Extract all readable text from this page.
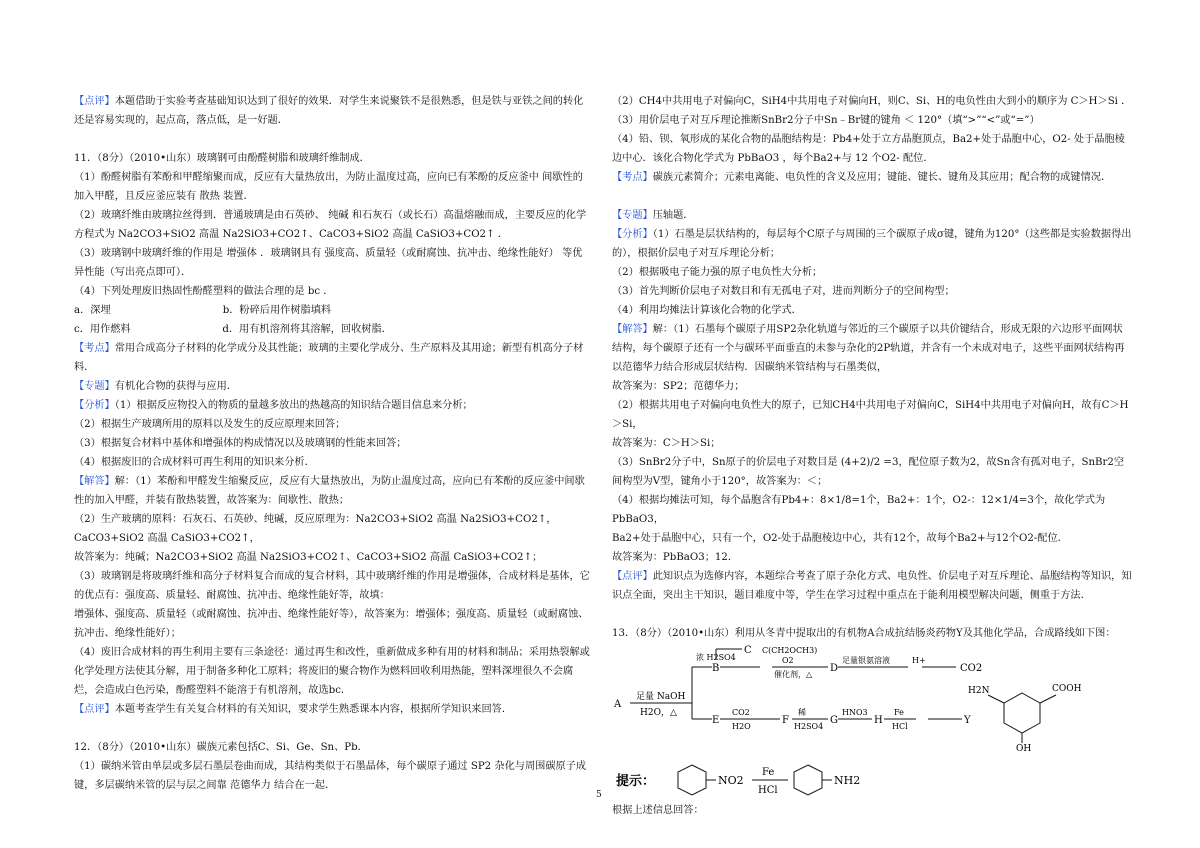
【点评】本题借助于实验考查基础知识达到了很好的效果．对学生来说聚铁不是很熟悉，但是铁与亚铁之间的转化还是容易实现的，起点高，落点低，是一好题．

11．（8分）（2010•山东）玻璃钢可由酚醛树脂和玻璃纤维制成．

（1）酚醛树脂有苯酚和甲醛缩聚而成，反应有大量热放出，为防止温度过高，应向已有苯酚的反应釜中 间歇性的 加入甲醛，且反应釜应装有 散热 装置．

（2）玻璃纤维由玻璃拉丝得到．普通玻璃是由石英砂、 纯碱 和石灰石（或长石）高温熔融而成，主要反应的化学方程式为 Na2CO3+SiO2 高温 Na2SiO3+CO2↑、CaCO3+SiO2 高温 CaSiO3+CO2↑ ．

（3）玻璃钢中玻璃纤维的作用是 增强体 ．玻璃钢具有 强度高、质量轻（或耐腐蚀、抗冲击、绝缘性能好） 等优异性能（写出亮点即可）．

（4）下列处理废旧热固性酚醛塑料的做法合理的是 bc ．

a．深埋　　　　　　　　　　　b．粉碎后用作树脂填料

c．用作燃料　　　　　　　　　d．用有机溶剂将其溶解，回收树脂．

【考点】常用合成高分子材料的化学成分及其性能；玻璃的主要化学成分、生产原料及其用途；新型有机高分子材料．

【专题】有机化合物的获得与应用．

【分析】（1）根据反应物投入的物质的量越多放出的热越高的知识结合题目信息来分析；

（2）根据生产玻璃所用的原料以及发生的反应原理来回答；

（3）根据复合材料中基体和增强体的构成情况以及玻璃钢的性能来回答；

（4）根据废旧的合成材料可再生利用的知识来分析．

【解答】解：（1）苯酚和甲醛发生缩聚反应，反应有大量热放出，为防止温度过高，应向已有苯酚的反应釜中间歇性的加入甲醛，并装有散热装置，故答案为：间歇性、散热；

（2）生产玻璃的原料：石灰石、石英砂、纯碱，反应原理为：Na2CO3+SiO2 高温 Na2SiO3+CO2↑，

CaCO3+SiO2 高温 CaSiO3+CO2↑，

故答案为：纯碱；Na2CO3+SiO2 高温 Na2SiO3+CO2↑、CaCO3+SiO2 高温 CaSiO3+CO2↑；

（3）玻璃钢是将玻璃纤维和高分子材料复合而成的复合材料，其中玻璃纤维的作用是增强体，合成材料是基体，它的优点有：强度高、质量轻、耐腐蚀、抗冲击、绝缘性能好等，故填：

增强体、强度高、质量轻（或耐腐蚀、抗冲击、绝缘性能好等），故答案为：增强体；强度高、质量轻（或耐腐蚀、抗冲击、绝缘性能好）；

（4）废旧合成材料的再生利用主要有三条途径：通过再生和改性，重新做成多种有用的材料和制品；采用热裂解或化学处理方法使其分解，用于制备多种化工原料；将废旧的聚合物作为燃料回收利用热能，塑料深埋很久不会腐烂，会造成白色污染，酚醛塑料不能溶于有机溶剂，故选bc．

【点评】本题考查学生有关复合材料的有关知识，要求学生熟悉课本内容，根据所学知识来回答．

12．（8分）（2010•山东）碳族元素包括C、Si、Ge、Sn、Pb．

（1）碳纳米管由单层或多层石墨层卷曲而成，其结构类似于石墨晶体，每个碳原子通过 SP2 杂化与周围碳原子成键，多层碳纳米管的层与层之间靠 范德华力 结合在一起．

（2）CH4中共用电子对偏向C，SiH4中共用电子对偏向H，则C、Si、H的电负性由大到小的顺序为 C＞H＞Si ．

（3）用价层电子对互斥理论推断SnBr2分子中Sn﹣Br键的键角 ＜ 120°（填“>”“<”或“=”）

（4）铅、钡、氧形成的某化合物的晶胞结构是：Pb4+处于立方晶胞顶点，Ba2+处于晶胞中心，O2- 处于晶胞棱边中心．该化合物化学式为 PbBaO3 ，每个Ba2+与 12 个O2- 配位．

【考点】碳族元素简介；元素电离能、电负性的含义及应用；键能、键长、键角及其应用；配合物的成键情况．

【专题】压轴题．

【分析】（1）石墨是层状结构的，每层每个C原子与周围的三个碳原子成σ键，键角为120°（这些都是实验数据得出的），根据价层电子对互斥理论分析；

（2）根据吸电子能力强的原子电负性大分析；

（3）首先判断价层电子对数目和有无孤电子对，进而判断分子的空间构型；

（4）利用均摊法计算该化合物的化学式．

【解答】解：（1）石墨每个碳原子用SP2杂化轨道与邻近的三个碳原子以共价键结合，形成无限的六边形平面网状结构，每个碳原子还有一个与碳环平面垂直的未参与杂化的2P轨道，并含有一个未成对电子，这些平面网状结构再以范德华力结合形成层状结构．因碳纳米管结构与石墨类似，

故答案为：SP2；范德华力；

（2）根据共用电子对偏向电负性大的原子，已知CH4中共用电子对偏向C，SiH4中共用电子对偏向H，故有C＞H＞Si，

故答案为：C＞H＞Si；

（3）SnBr2分子中，Sn原子的价层电子对数目是 (4+2)/2 =3，配位原子数为2，故Sn含有孤对电子，SnBr2空间构型为V型，键角小于120°，故答案为：＜；

（4）根据均摊法可知，每个晶胞含有Pb4+：8×1/8=1个，Ba2+：1个，O2-：12×1/4=3个，故化学式为PbBaO3，

Ba2+处于晶胞中心，只有一个，O2-处于晶胞棱边中心，共有12个，故每个Ba2+与12个O2-配位．

故答案为：PbBaO3；12．

【点评】此知识点为选修内容，本题综合考查了原子杂化方式、电负性、价层电子对互斥理论、晶胞结构等知识，知识点全面，突出主干知识，题目难度中等，学生在学习过程中重点在于能利用模型解决问题，侧重于方法．

13．（8分）（2010•山东）利用从冬青中提取出的有机物A合成抗结肠炎药物Y及其他化学品，合成路线如下图：

A
B
C
D
E	F	G	H	Y
C(CH2OCH3)
浓 H2SO4
足量 NaOH
H2O，△
O2
催化剂，△
足量银氨溶液	H+
CO2
CO2
H2O
稀
H2SO4
HNO3	Fe
HCl
H2N	COOH
OH
提示：	NO2
Fe
HCl
NH2

根据上述信息回答：

5
